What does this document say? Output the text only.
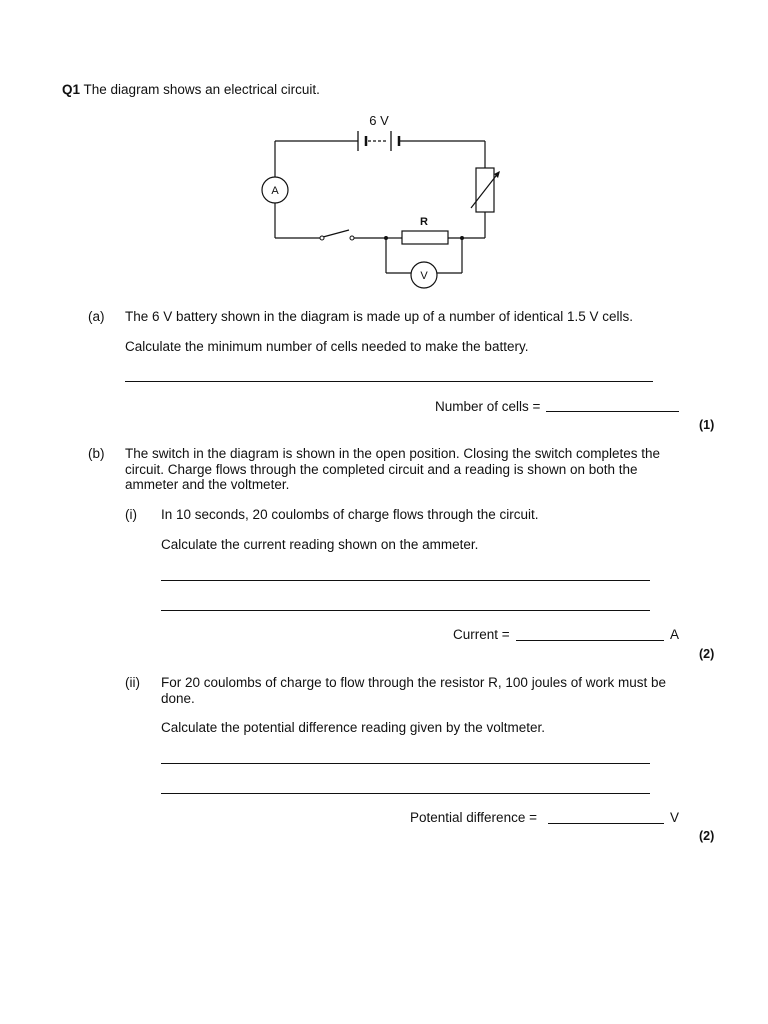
Q1 The diagram shows an electrical circuit.
6 V
A
R
V
(a) The 6 V battery shown in the diagram is made up of a number of identical 1.5 V cells.
Calculate the minimum number of cells needed to make the battery.
Number of cells =
(1)
(b) The switch in the diagram is shown in the open position. Closing the switch completes the circuit. Charge flows through the completed circuit and a reading is shown on both the ammeter and the voltmeter.
(i) In 10 seconds, 20 coulombs of charge flows through the circuit.
Calculate the current reading shown on the ammeter.
Current =	A
(2)
(ii) For 20 coulombs of charge to flow through the resistor R, 100 joules of work must be done.
Calculate the potential difference reading given by the voltmeter.
Potential difference =	V
(2)
